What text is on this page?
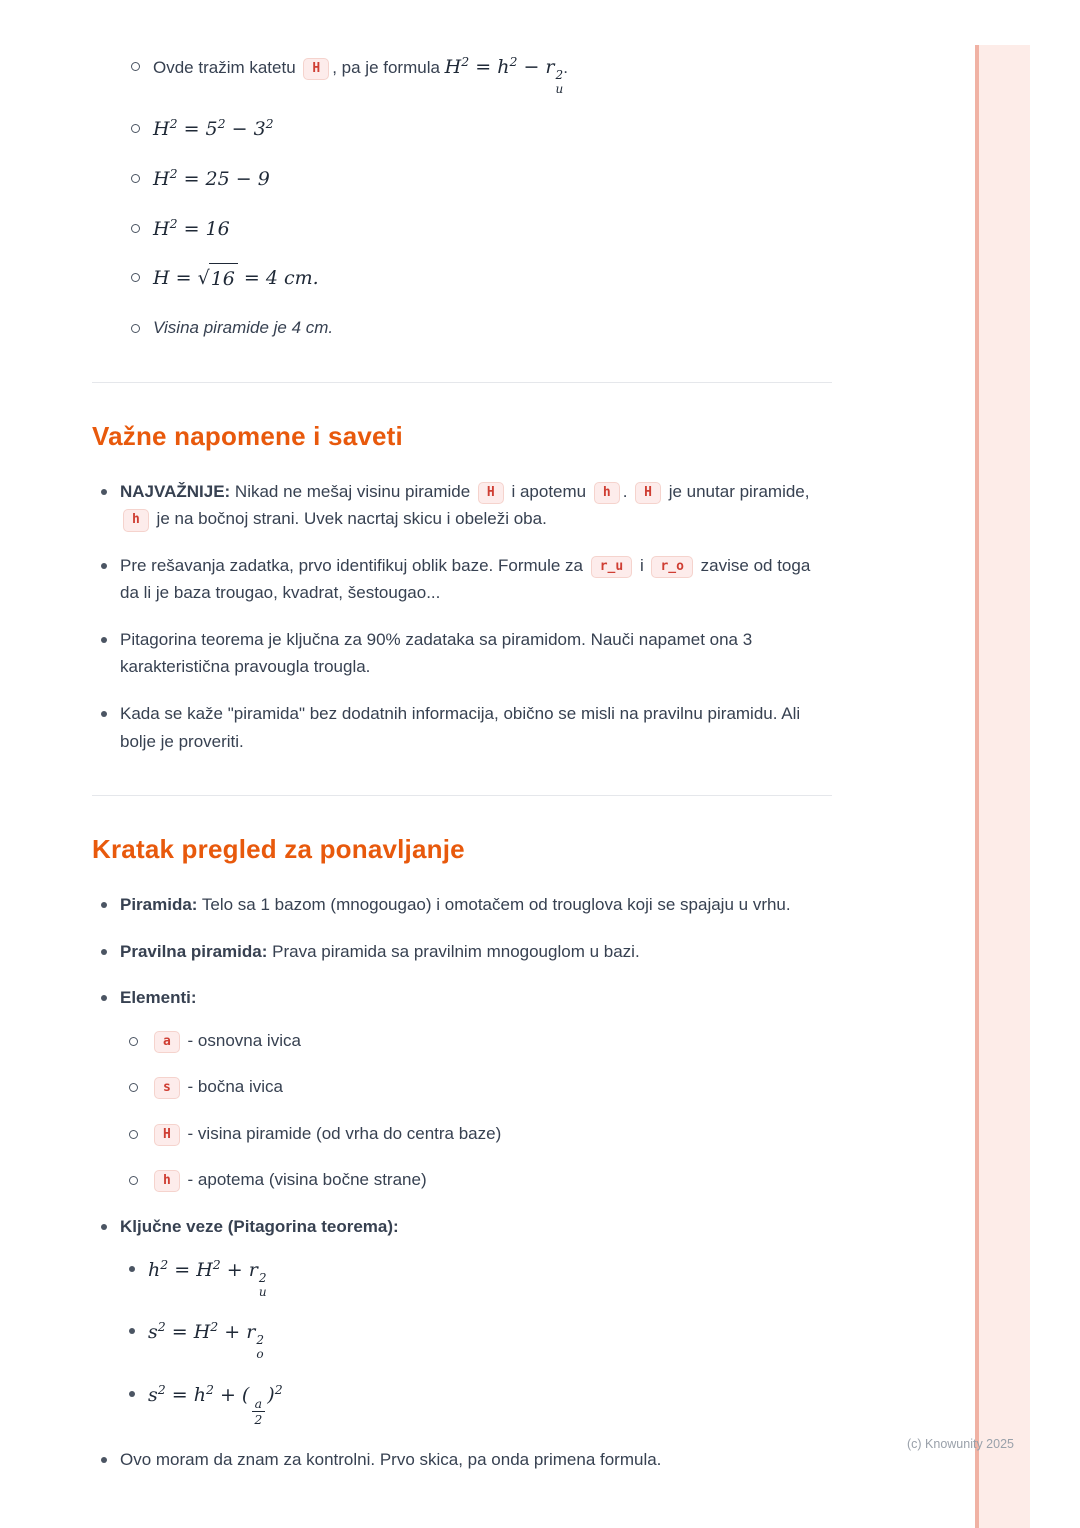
Ovde tražim katetu H , pa je formula $H^2 = h^2 - r$ 2
u
.
$H^2 = 5^2 - 3^2$
$H^2 = 25 - 9$
$H^2 = 16$
H = √ 16 = 4 cm.
Visina piramide je 4 cm.
Važne napomene i saveti
NAJVAŽNIJE: Nikad ne mešaj visinu piramide H i apotemu h . H je unutar piramide, h je na bočnoj strani. Uvek nacrtaj skicu i obeleži oba.
Pre rešavanja zadatka, prvo identifikuj oblik baze. Formule za r_u i r_o zavise od toga da li je baza trougao, kvadrat, šestougao...
Pitagorina teorema je ključna za 90% zadataka sa piramidom. Nauči napamet ona 3 karakteristična pravougla trougla.
Kada se kaže "piramida" bez dodatnih informacija, obično se misli na pravilnu piramidu. Ali bolje je proveriti.
Kratak pregled za ponavljanje
Piramida: Telo sa 1 bazom (mnogougao) i omotačem od trouglova koji se spajaju u vrhu.
Pravilna piramida: Prava piramida sa pravilnim mnogouglom u bazi.
Elementi:
a - osnovna ivica
s - bočna ivica
H - visina piramide (od vrha do centra baze)
h - apotema (visina bočne strane)
Ključne veze (Pitagorina teorema):
$h^2 = H^2 + r$ 2
u
$s^2 = H^2 + r$ 2
o
$s^2 = h^2$ + (
$\frac{a}{2}$
)$^2$
Ovo moram da znam za kontrolni. Prvo skica, pa onda primena formula.
(c) Knowunity 2025
